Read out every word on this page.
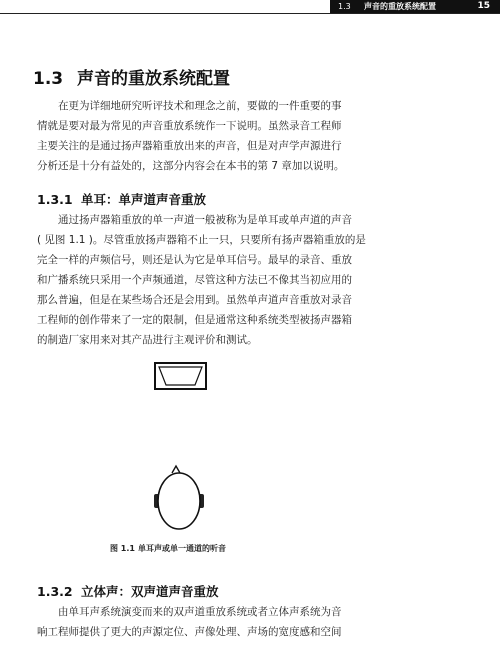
1.3 声音的重放系统配置	15
1.3 声音的重放系统配置

在更为详细地研究听评技术和理念之前，要做的一件重要的事
情就是要对最为常见的声音重放系统作一下说明。虽然录音工程师
主要关注的是通过扬声器箱重放出来的声音，但是对声学声源进行
分析还是十分有益处的，这部分内容会在本书的第 7 章加以说明。

1.3.1 单耳：单声道声音重放

通过扬声器箱重放的单一声道一般被称为是单耳或单声道的声音
( 见图 1.1 )。尽管重放扬声器箱不止一只，只要所有扬声器箱重放的是
完全一样的声频信号，则还是认为它是单耳信号。最早的录音、重放
和广播系统只采用一个声频通道，尽管这种方法已不像其当初应用的
那么普遍，但是在某些场合还是会用到。虽然单声道声音重放对录音
工程师的创作带来了一定的限制，但是通常这种系统类型被扬声器箱
的制造厂家用来对其产品进行主观评价和测试。

图 1.1 单耳声或单一通道的听音
1.3.2 立体声：双声道声音重放

由单耳声系统演变而来的双声道重放系统或者立体声系统为音
响工程师提供了更大的声源定位、声像处理、声场的宽度感和空间
